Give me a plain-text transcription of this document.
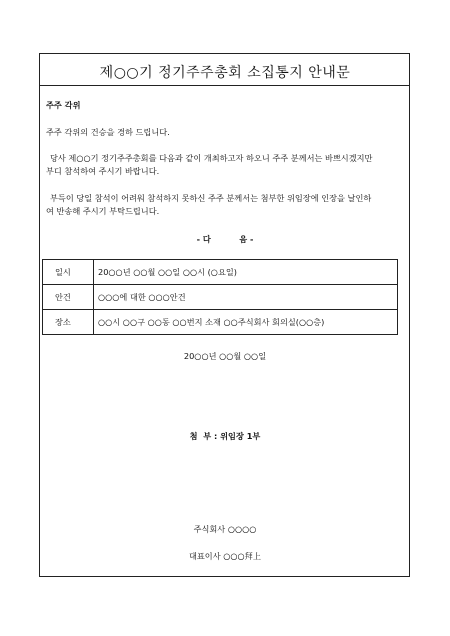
제○○기 정기주주총회 소집통지 안내문
주주 각위
주주 각위의 건승을 경하 드립니다.
당사 제○○기 정기주주총회를 다음과 같이 개최하고자 하오니 주주 분께서는 바쁘시겠지만
부디 참석하여 주시기 바랍니다.
부득이 당일 참석이 어려워 참석하지 못하신 주주 분께서는 첨부한 위임장에 인장을 날인하
여 반송해 주시기 부탁드립니다.
- 다          음 -
일시	20○○년 ○○월 ○○일 ○○시 (○요일)
안건	○○○에 대한 ○○○안건
장소	○○시 ○○구 ○○동 ○○번지 소재 ○○주식회사 회의실(○○층)
20○○년 ○○월 ○○일
첨  부 : 위임장 1부
주식회사 ○○○○
대표이사 ○○○拜上
